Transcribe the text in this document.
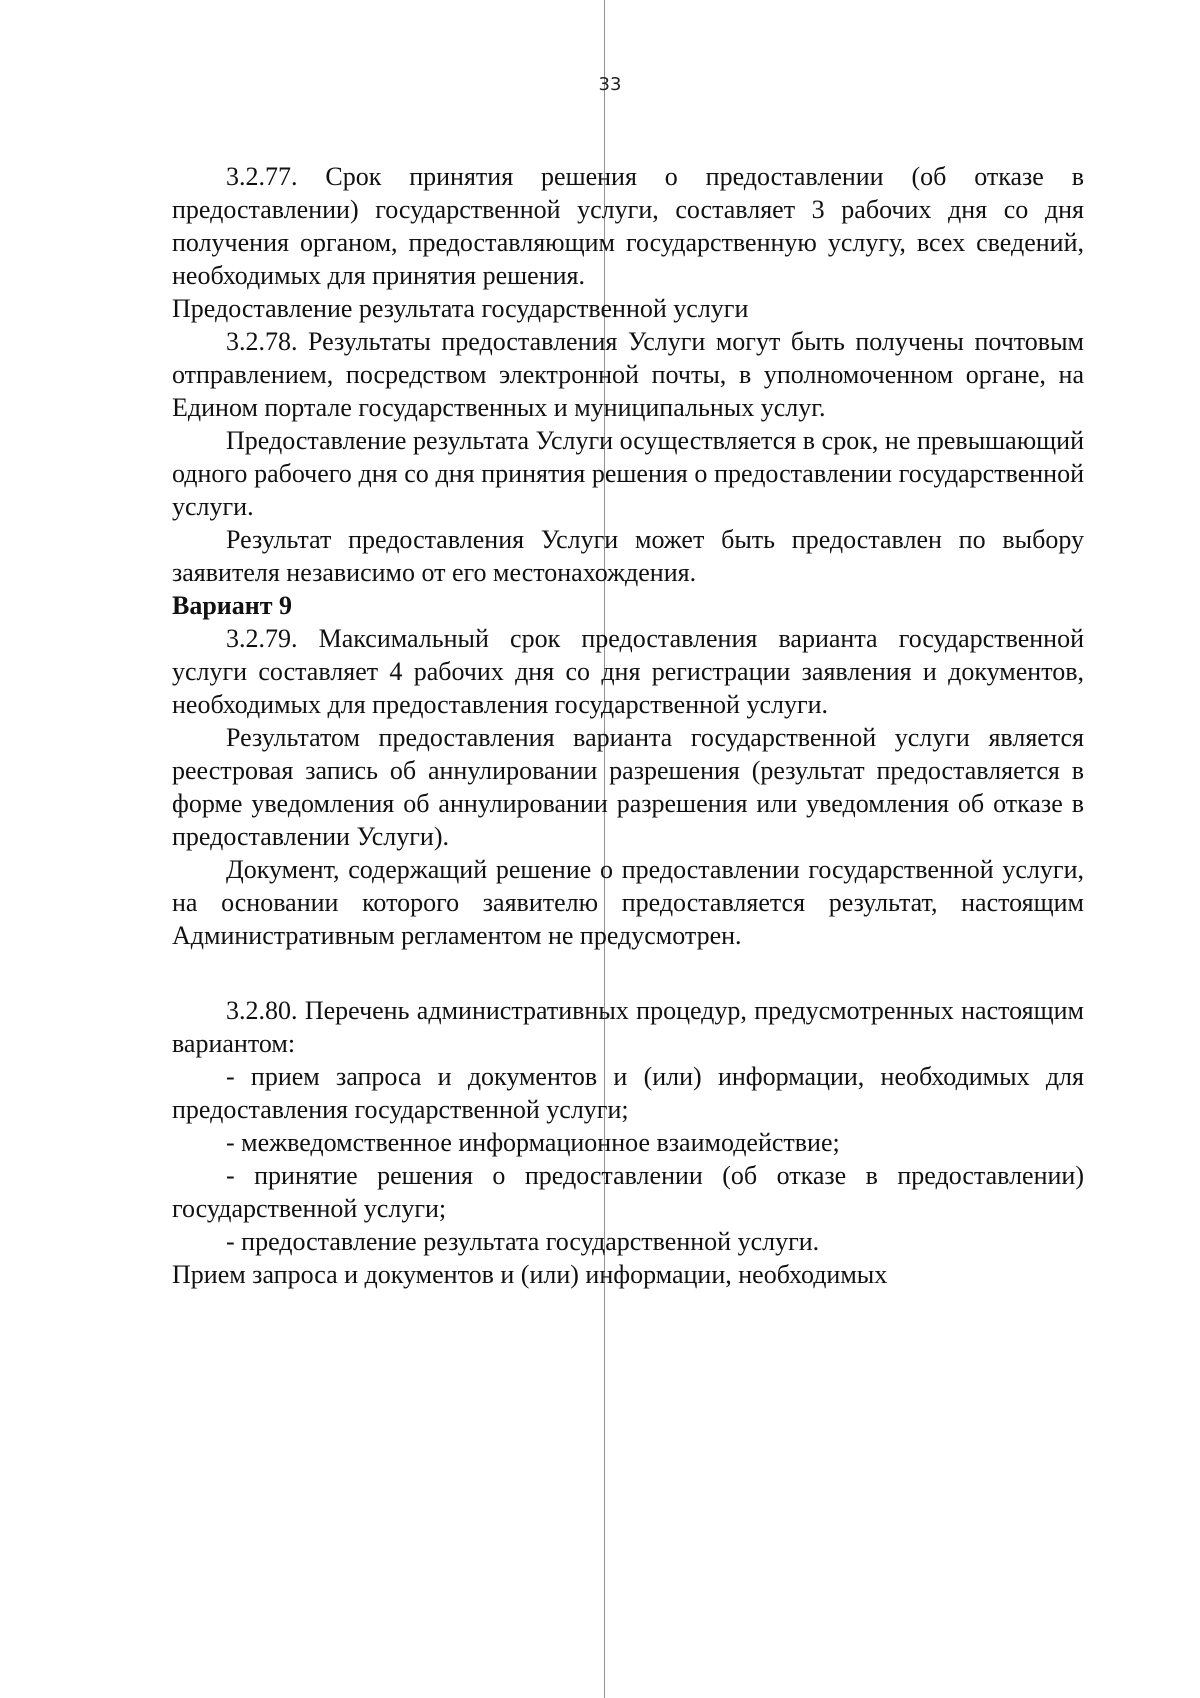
33

3.2.77. Срок принятия решения о предоставлении (об отказе в предоставлении) государственной услуги, составляет 3 рабочих дня со дня получения органом, предоставляющим государственную услугу, всех сведений, необходимых для принятия решения.

Предоставление результата государственной услуги

3.2.78. Результаты предоставления Услуги могут быть получены почтовым отправлением, посредством электронной почты, в уполномоченном органе, на Едином портале государственных и муниципальных услуг.

Предоставление результата Услуги осуществляется в срок, не превышающий одного рабочего дня со дня принятия решения о предоставлении государственной услуги.

Результат предоставления Услуги может быть предоставлен по выбору заявителя независимо от его местонахождения.

Вариант 9

3.2.79. Максимальный срок предоставления варианта государственной услуги составляет 4 рабочих дня со дня регистрации заявления и документов, необходимых для предоставления государственной услуги.

Результатом предоставления варианта государственной услуги является реестровая запись об аннулировании разрешения (результат предоставляется в форме уведомления об аннулировании разрешения или уведомления об отказе в предоставлении Услуги).

Документ, содержащий решение о предоставлении государственной услуги, на основании которого заявителю предоставляется результат, настоящим Административным регламентом не предусмотрен.

3.2.80. Перечень административных процедур, предусмотренных настоящим вариантом:

- прием запроса и документов и (или) информации, необходимых для предоставления государственной услуги;

- межведомственное информационное взаимодействие;

- принятие решения о предоставлении (об отказе в предоставлении) государственной услуги;

- предоставление результата государственной услуги.

Прием запроса и документов и (или) информации, необходимых
